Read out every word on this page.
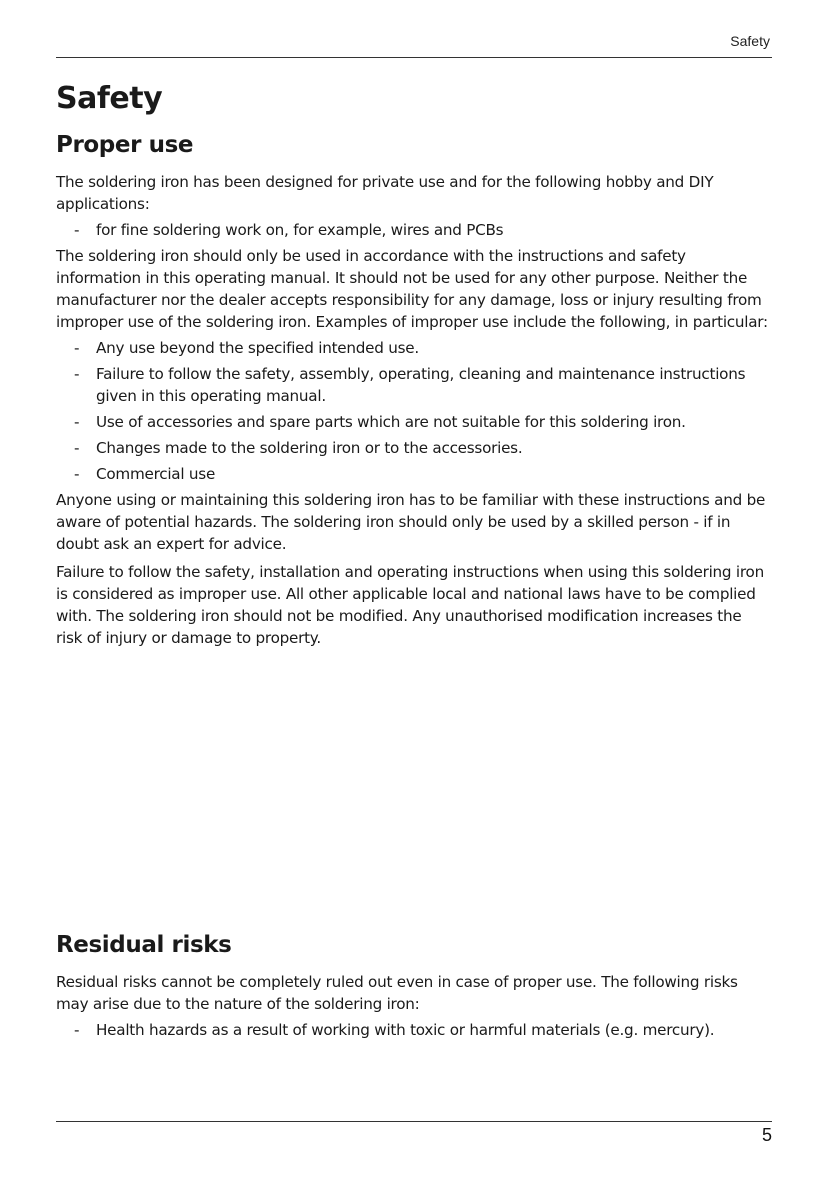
Safety
Safety
Proper use

The soldering iron has been designed for private use and for the following hobby and DIY applications:

- for fine soldering work on, for example, wires and PCBs

The soldering iron should only be used in accordance with the instructions and safety information in this operating manual. It should not be used for any other purpose. Neither the manufacturer nor the dealer accepts responsibility for any damage, loss or injury resulting from improper use of the soldering iron. Examples of improper use include the following, in particular:

- Any use beyond the specified intended use.
- Failure to follow the safety, assembly, operating, cleaning and maintenance instructions given in this operating manual.
- Use of accessories and spare parts which are not suitable for this soldering iron.
- Changes made to the soldering iron or to the accessories.
- Commercial use

Anyone using or maintaining this soldering iron has to be familiar with these instructions and be aware of potential hazards. The soldering iron should only be used by a skilled person - if in doubt ask an expert for advice.

Failure to follow the safety, installation and operating instructions when using this soldering iron is considered as improper use. All other applicable local and national laws have to be complied with. The soldering iron should not be modified. Any unauthorised modification increases the risk of injury or damage to property.

Residual risks

Residual risks cannot be completely ruled out even in case of proper use. The following risks may arise due to the nature of the soldering iron:

- Health hazards as a result of working with toxic or harmful materials (e.g. mercury).
5
